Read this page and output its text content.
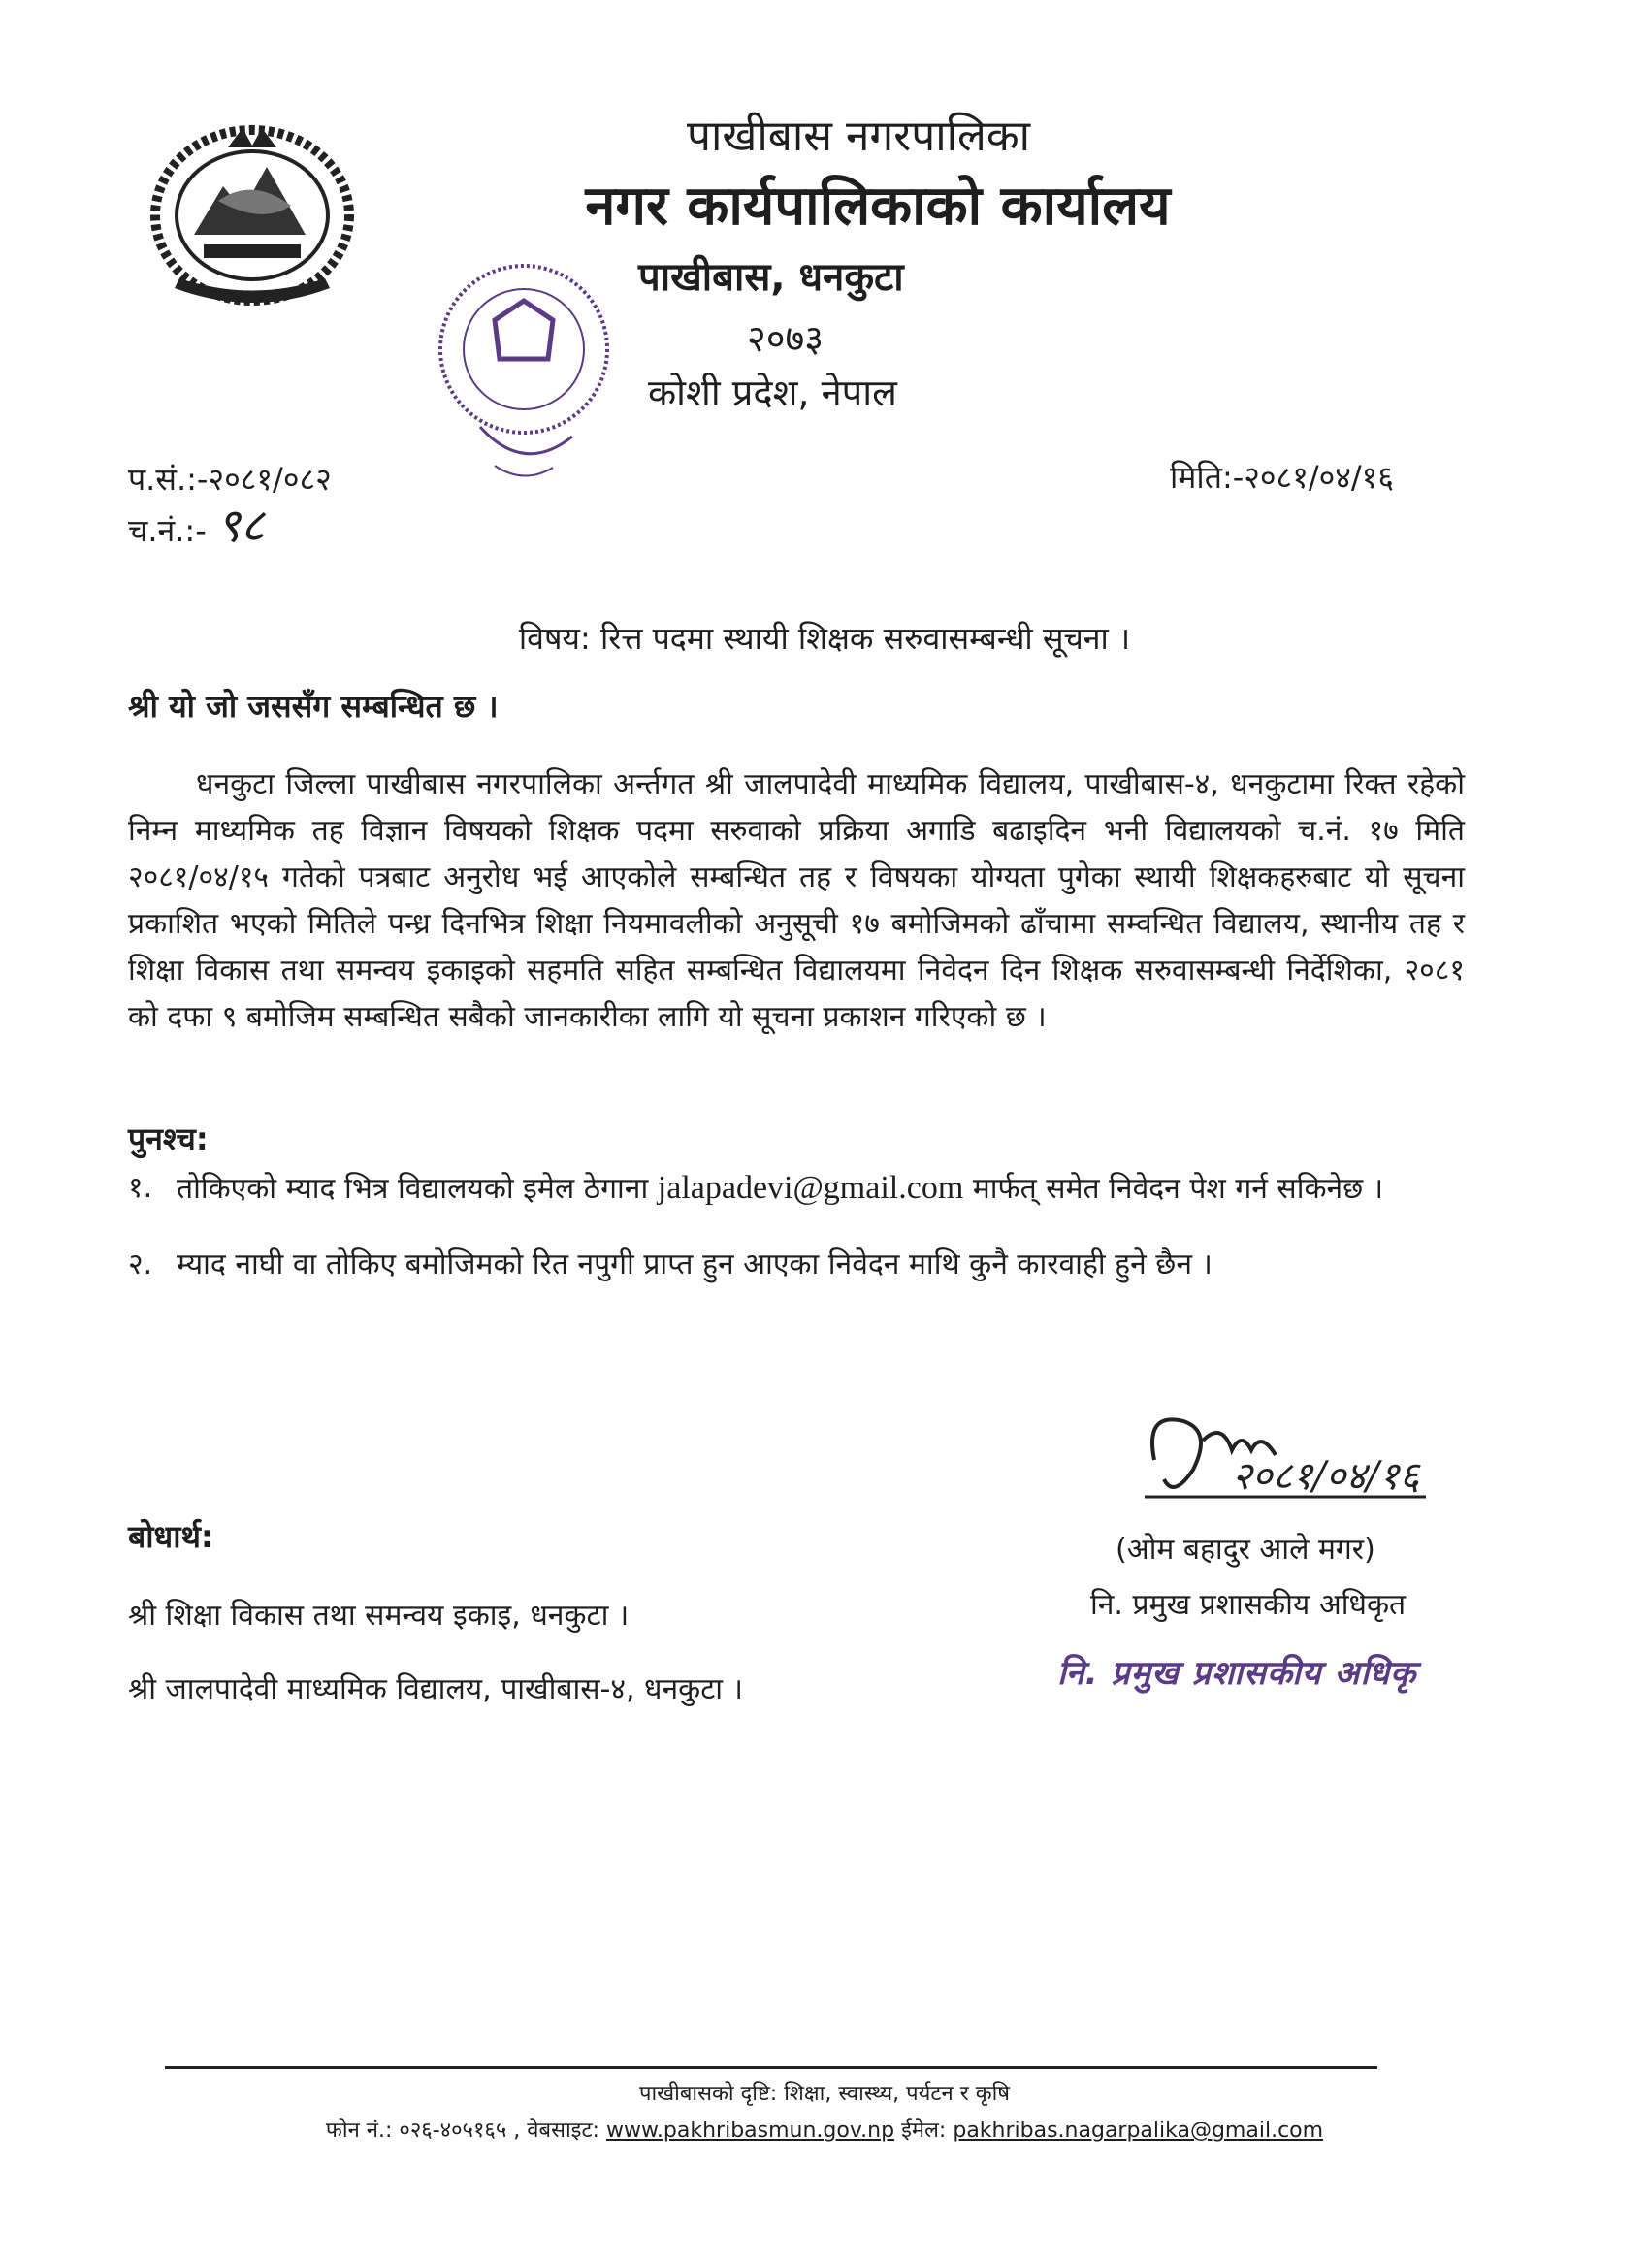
पाखीबास नगरपालिका
नगर कार्यपालिकाको कार्यालय
पाखीबास, धनकुटा
२०७३
कोशी प्रदेश, नेपाल
प.सं.:-२०८१/०८२
च.नं.:- ९८
मिति:-२०८१/०४/१६
विषय: रित्त पदमा स्थायी शिक्षक सरुवासम्बन्धी सूचना ।
श्री यो जो जससँग सम्बन्धित छ ।
धनकुटा जिल्ला पाखीबास नगरपालिका अर्न्तगत श्री जालपादेवी माध्यमिक विद्यालय, पाखीबास-४, धनकुटामा रिक्त रहेको निम्न माध्यमिक तह विज्ञान विषयको शिक्षक पदमा सरुवाको प्रक्रिया अगाडि बढाइदिन भनी विद्यालयको च.नं. १७ मिति २०८१/०४/१५ गतेको पत्रबाट अनुरोध भई आएकोले सम्बन्धित तह र विषयका योग्यता पुगेका स्थायी शिक्षकहरुबाट यो सूचना प्रकाशित भएको मितिले पन्ध्र दिनभित्र शिक्षा नियमावलीको अनुसूची १७ बमोजिमको ढाँचामा सम्वन्धित विद्यालय, स्थानीय तह र शिक्षा विकास तथा समन्वय इकाइको सहमति सहित सम्बन्धित विद्यालयमा निवेदन दिन शिक्षक सरुवासम्बन्धी निर्देशिका, २०८१ को दफा ९ बमोजिम सम्बन्धित सबैको जानकारीका लागि यो सूचना प्रकाशन गरिएको छ ।
पुनश्च:
१. तोकिएको म्याद भित्र विद्यालयको इमेल ठेगाना jalapadevi@gmail.com मार्फत् समेत निवेदन पेश गर्न सकिनेछ ।
२. म्याद नाघी वा तोकिए बमोजिमको रित नपुगी प्राप्त हुन आएका निवेदन माथि कुनै कारवाही हुने छैन ।
२०८१/०४/१६
(ओम बहादुर आले मगर)
नि. प्रमुख प्रशासकीय अधिकृत
नि. प्रमुख प्रशासकीय अधिकृ
बोधार्थ:
श्री शिक्षा विकास तथा समन्वय इकाइ, धनकुटा ।
श्री जालपादेवी माध्यमिक विद्यालय, पाखीबास-४, धनकुटा ।
पाखीबासको दृष्टि: शिक्षा, स्वास्थ्य, पर्यटन र कृषि
फोन नं.: ०२६-४०५१६५ , वेबसाइट: www.pakhribasmun.gov.np ईमेल: pakhribas.nagarpalika@gmail.com
